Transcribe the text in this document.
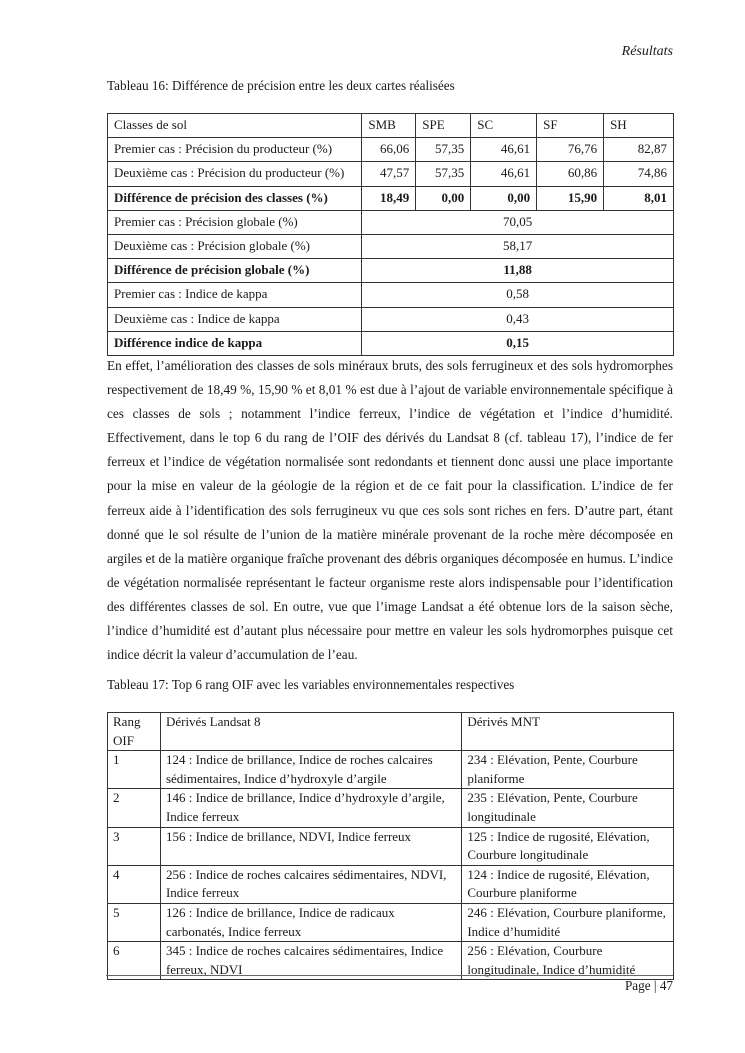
Résultats
Tableau 16: Différence de précision entre les deux cartes réalisées
Classes de sol	SMB	SPE	SC	SF	SH
Premier cas : Précision du producteur (%)	66,06	57,35	46,61	76,76	82,87
Deuxième cas : Précision du producteur (%)	47,57	57,35	46,61	60,86	74,86
Différence de précision des classes (%)	18,49	0,00	0,00	15,90	8,01
Premier cas : Précision globale (%)	70,05				
Deuxième cas : Précision globale (%)	58,17				
Différence de précision globale (%)	11,88				
Premier cas : Indice de kappa	0,58				
Deuxième cas : Indice de kappa	0,43				
Différence indice de kappa	0,15				

En effet, l’amélioration des classes de sols minéraux bruts, des sols ferrugineux et des sols hydromorphes respectivement de 18,49 %, 15,90 % et 8,01 % est due à l’ajout de variable environnementale spécifique à ces classes de sols ; notamment l’indice ferreux, l’indice de végétation et l’indice d’humidité. Effectivement, dans le top 6 du rang de l’OIF des dérivés du Landsat 8 (cf. tableau 17), l’indice de fer ferreux et l’indice de végétation normalisée sont redondants et tiennent donc aussi une place importante pour la mise en valeur de la géologie de la région et de ce fait pour la classification. L’indice de fer ferreux aide à l’identification des sols ferrugineux vu que ces sols sont riches en fers. D’autre part, étant donné que le sol résulte de l’union de la matière minérale provenant de la roche mère décomposée en argiles et de la matière organique fraîche provenant des débris organiques décomposée en humus. L’indice de végétation normalisée représentant le facteur organisme reste alors indispensable pour l’identification des différentes classes de sol. En outre, vue que l’image Landsat a été obtenue lors de la saison sèche, l’indice d’humidité est d’autant plus nécessaire pour mettre en valeur les sols hydromorphes puisque cet indice décrit la valeur d’accumulation de l’eau.

Tableau 17: Top 6 rang OIF avec les variables environnementales respectives
Rang OIF	Dérivés Landsat 8	Dérivés MNT
1	124 : Indice de brillance, Indice de roches calcaires sédimentaires, Indice d’hydroxyle d’argile	234 : Elévation, Pente, Courbure planiforme
2	146 : Indice de brillance, Indice d’hydroxyle d’argile, Indice ferreux	235 : Elévation, Pente, Courbure longitudinale
3	156 : Indice de brillance, NDVI, Indice ferreux	125 : Indice de rugosité, Elévation, Courbure longitudinale
4	256 : Indice de roches calcaires sédimentaires, NDVI, Indice ferreux	124 : Indice de rugosité, Elévation, Courbure planiforme
5	126 : Indice de brillance, Indice de radicaux carbonatés, Indice ferreux	246 : Elévation, Courbure planiforme, Indice d’humidité
6	345 : Indice de roches calcaires sédimentaires, Indice ferreux, NDVI	256 : Elévation, Courbure longitudinale, Indice d’humidité
Page | 47
